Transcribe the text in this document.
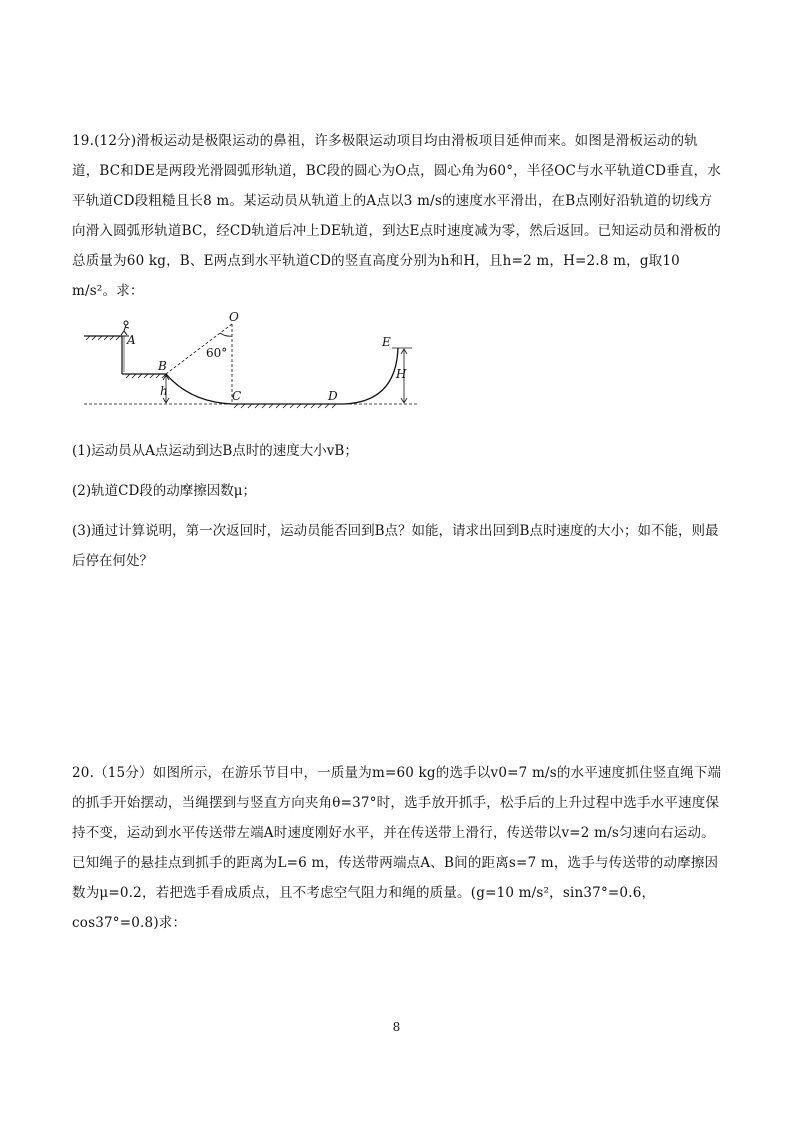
19.(12分)滑板运动是极限运动的鼻祖，许多极限运动项目均由滑板项目延伸而来。如图是滑板运动的轨道，BC和DE是两段光滑圆弧形轨道，BC段的圆心为O点，圆心角为60°，半径OC与水平轨道CD垂直，水平轨道CD段粗糙且长8 m。某运动员从轨道上的A点以3 m/s的速度水平滑出，在B点刚好沿轨道的切线方向滑入圆弧形轨道BC，经CD轨道后冲上DE轨道，到达E点时速度减为零，然后返回。已知运动员和滑板的总质量为60 kg，B、E两点到水平轨道CD的竖直高度分别为h和H，且h=2 m，H=2.8 m，g取10 m/s²。求：
O
A
B
C	D
E
h
H
60°
(1)运动员从A点运动到达B点时的速度大小vB；
(2)轨道CD段的动摩擦因数μ；
(3)通过计算说明，第一次返回时，运动员能否回到B点？如能，请求出回到B点时速度的大小；如不能，则最后停在何处？
20.（15分）如图所示，在游乐节目中，一质量为m=60 kg的选手以v0=7 m/s的水平速度抓住竖直绳下端的抓手开始摆动，当绳摆到与竖直方向夹角θ=37°时，选手放开抓手，松手后的上升过程中选手水平速度保持不变，运动到水平传送带左端A时速度刚好水平，并在传送带上滑行，传送带以v=2 m/s匀速向右运动。已知绳子的悬挂点到抓手的距离为L=6 m，传送带两端点A、B间的距离s=7 m，选手与传送带的动摩擦因数为μ=0.2，若把选手看成质点，且不考虑空气阻力和绳的质量。(g=10 m/s²，sin37°=0.6，cos37°=0.8)求：
8
